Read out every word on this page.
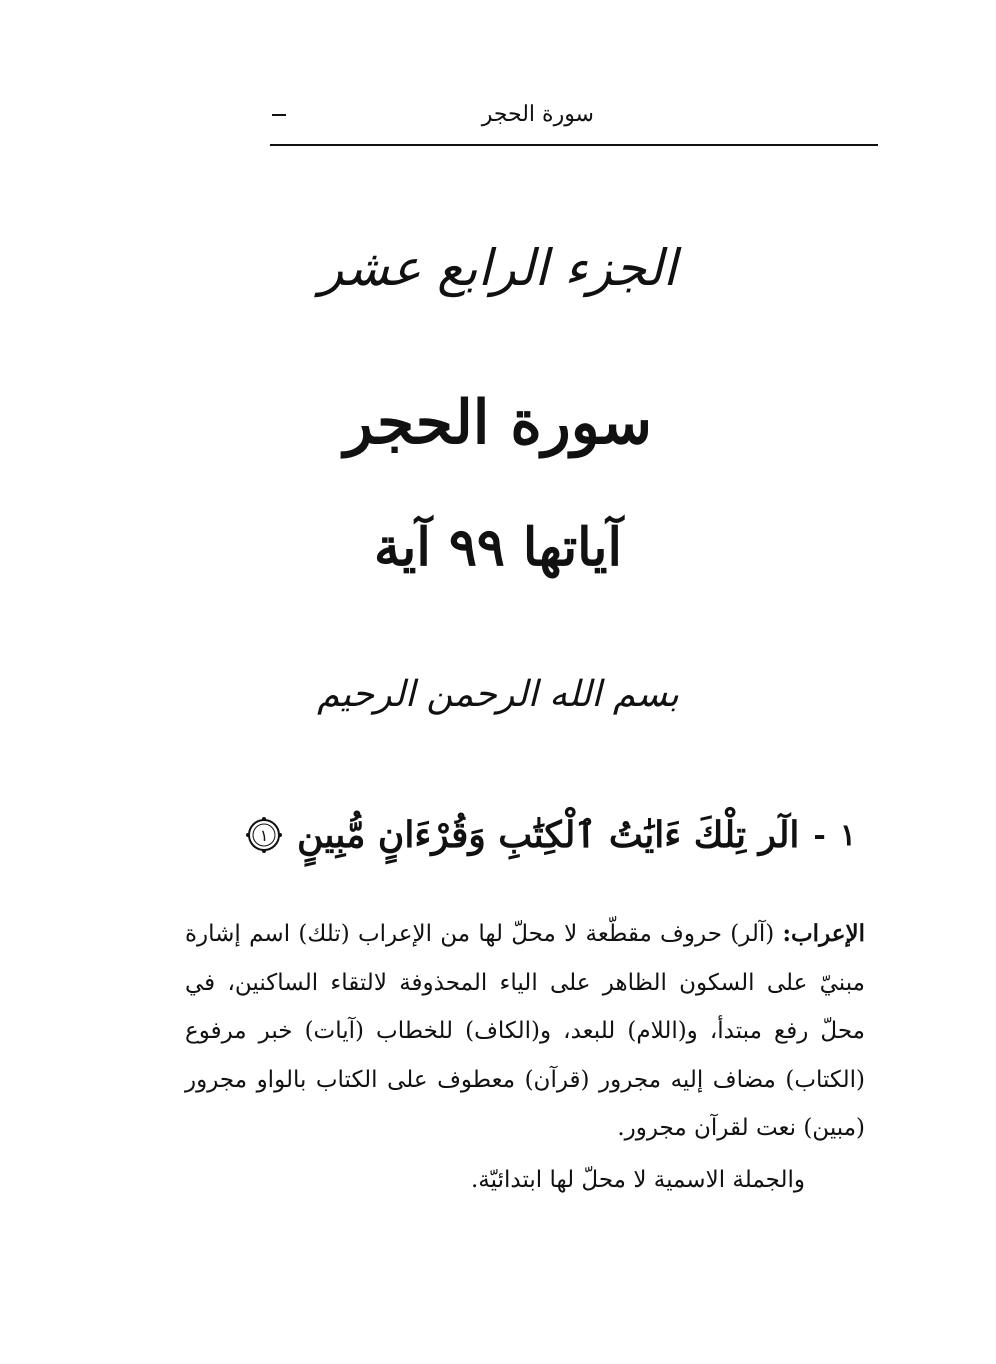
سورة الحجر
الجزء الرابع عشر
سورة الحجر
آياتها ٩٩ آية
بسم الله الرحمن الرحيم
١
-
الٓر تِلْكَ ءَايَٰتُ ٱلْكِتَٰبِ وَقُرْءَانٍ مُّبِينٍ
١
الإعراب: (آلر) حروف مقطّعة لا محلّ لها من الإعراب (تلك) اسم إشارة مبنيّ على السكون الظاهر على الياء المحذوفة لالتقاء الساكنين، في محلّ رفع مبتدأ، و(اللام) للبعد، و(الكاف) للخطاب (آيات) خبر مرفوع (الكتاب) مضاف إليه مجرور (قرآن) معطوف على الكتاب بالواو مجرور (مبين) نعت لقرآن مجرور.
والجملة الاسمية لا محلّ لها ابتدائيّة.
